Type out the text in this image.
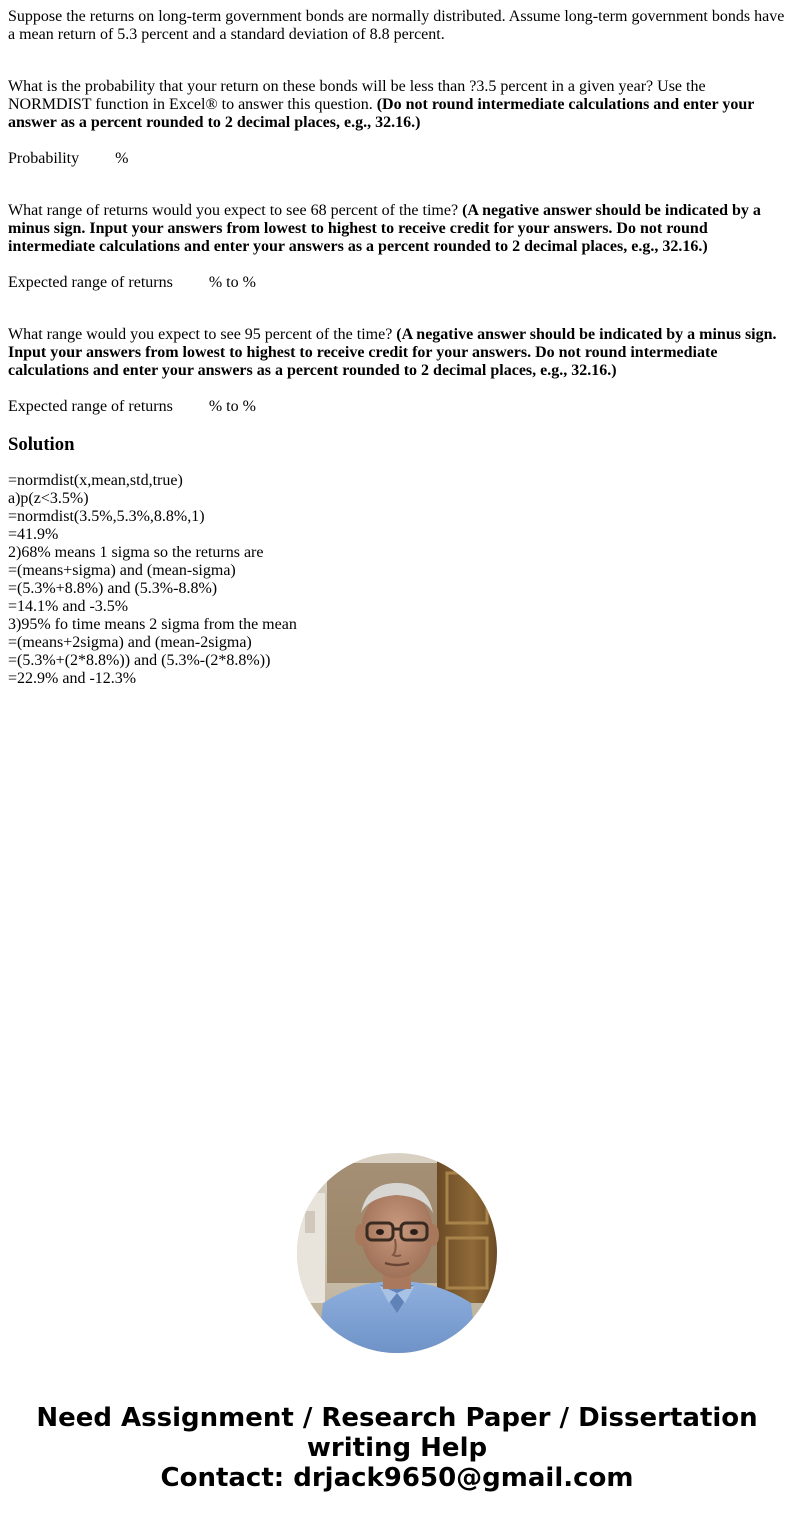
Suppose the returns on long-term government bonds are normally distributed. Assume long-term government bonds have a mean return of 5.3 percent and a standard deviation of 8.8 percent.

What is the probability that your return on these bonds will be less than ?3.5 percent in a given year? Use the NORMDIST function in Excel® to answer this question. (Do not round intermediate calculations and enter your answer as a percent rounded to 2 decimal places, e.g., 32.16.)

Probability %

What range of returns would you expect to see 68 percent of the time? (A negative answer should be indicated by a minus sign. Input your answers from lowest to highest to receive credit for your answers. Do not round intermediate calculations and enter your answers as a percent rounded to 2 decimal places, e.g., 32.16.)

Expected range of returns % to %

What range would you expect to see 95 percent of the time? (A negative answer should be indicated by a minus sign. Input your answers from lowest to highest to receive credit for your answers. Do not round intermediate calculations and enter your answers as a percent rounded to 2 decimal places, e.g., 32.16.)

Expected range of returns % to %
Solution
=normdist(x,mean,std,true)
a)p(z<3.5%)
=normdist(3.5%,5.3%,8.8%,1)
=41.9%
2)68% means 1 sigma so the returns are
=(means+sigma) and (mean-sigma)
=(5.3%+8.8%) and (5.3%-8.8%)
=14.1% and -3.5%
3)95% fo time means 2 sigma from the mean
=(means+2sigma) and (mean-2sigma)
=(5.3%+(2*8.8%)) and (5.3%-(2*8.8%))
=22.9% and -12.3%
Need Assignment / Research Paper / Dissertation
writing Help
Contact: drjack9650@gmail.com
